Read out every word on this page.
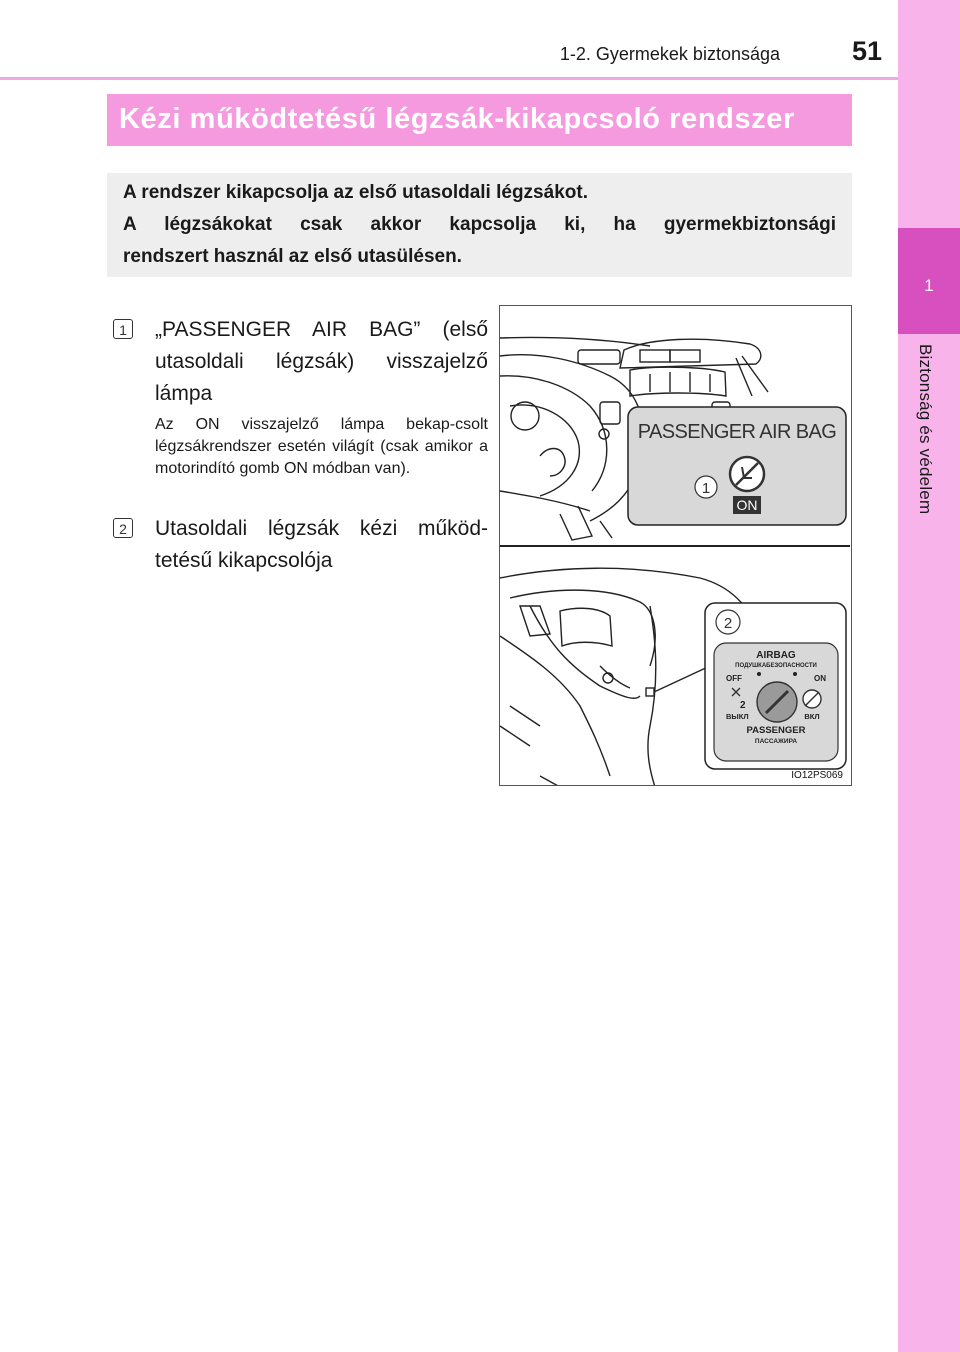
1
Biztonság és védelem
1-2. Gyermekek biztonsága	51
Kézi működtetésű légzsák-kikapcsoló rendszer

A rendszer kikapcsolja az első utasoldali légzsákot.

A légzsákokat csak akkor kapcsolja ki, ha gyermekbiztonsági

rendszert használ az első utasülésen.

1 „PASSENGER AIR BAG” (első utasoldali légzsák) visszajelző lámpa
Az ON visszajelző lámpa bekap-csolt légzsákrendszer esetén világít (csak amikor a motorindító gomb ON módban van).
2 Utasoldali légzsák kézi működ-tetésű kikapcsolója
PASSENGER AIR BAG
ON
1
2
AIRBAG
ПОДУШКАБЕЗОПАСНОСТИ
OFF	ON
2
ВЫКЛ	ВКЛ
PASSENGER
ПАССАЖИРА
IO12PS069
